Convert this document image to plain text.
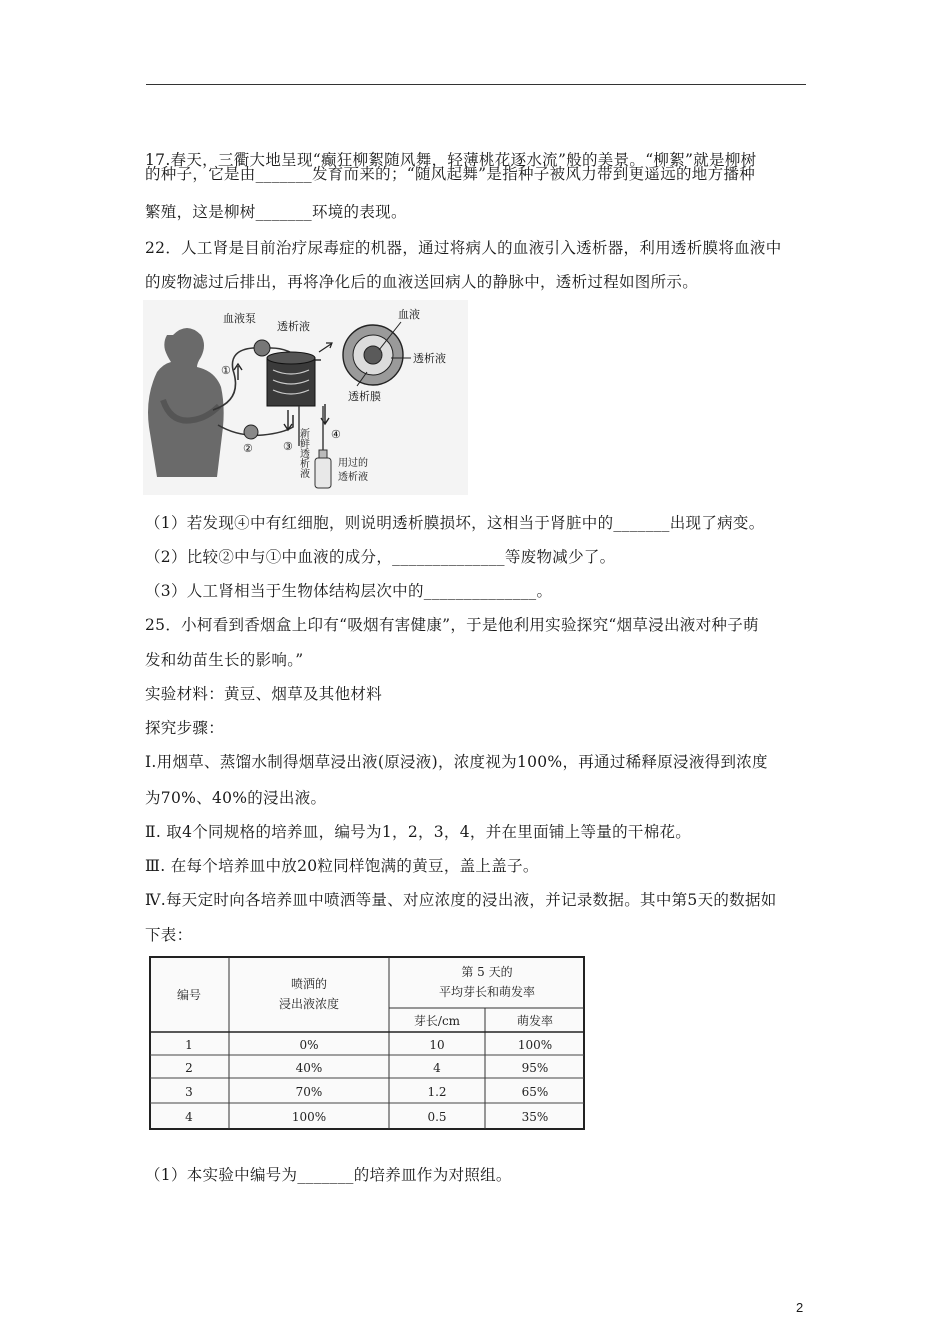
17.春天，三衢大地呈现“癫狂柳絮随风舞，轻薄桃花逐水流”般的美景。“柳絮”就是柳树
的种子，它是由_______发育而来的；“随风起舞”是指种子被风力带到更遥远的地方播种
繁殖，这是柳树_______环境的表现。
22．人工肾是目前治疗尿毒症的机器，通过将病人的血液引入透析器，利用透析膜将血液中
的废物滤过后排出，再将净化后的血液送回病人的静脉中，透析过程如图所示。
血液泵
透析液
血液
透析液
透析膜
①
②	③
④
新鲜透析液	用过的
透析液
（1）若发现④中有红细胞，则说明透析膜损坏，这相当于肾脏中的_______出现了病变。
（2）比较②中与①中血液的成分，______________等废物减少了。
（3）人工肾相当于生物体结构层次中的______________。
25．小柯看到香烟盒上印有“吸烟有害健康”，于是他利用实验探究“烟草浸出液对种子萌
发和幼苗生长的影响。”
实验材料：黄豆、烟草及其他材料
探究步骤：
Ⅰ.用烟草、蒸馏水制得烟草浸出液(原浸液)，浓度视为100%，再通过稀释原浸液得到浓度
为70%、40%的浸出液。
Ⅱ. 取4个同规格的培养皿，编号为1，2，3，4，并在里面铺上等量的干棉花。
Ⅲ. 在每个培养皿中放20粒同样饱满的黄豆，盖上盖子。
Ⅳ.每天定时向各培养皿中喷洒等量、对应浓度的浸出液，并记录数据。其中第5天的数据如
下表：
编号
喷洒的
浸出液浓度
第 5 天的
平均芽长和萌发率
芽长/cm	萌发率
1	0%	10	100%
2	40%	4	95%
3	70%	1.2	65%
4	100%	0.5	35%
（1）本实验中编号为_______的培养皿作为对照组。
2
